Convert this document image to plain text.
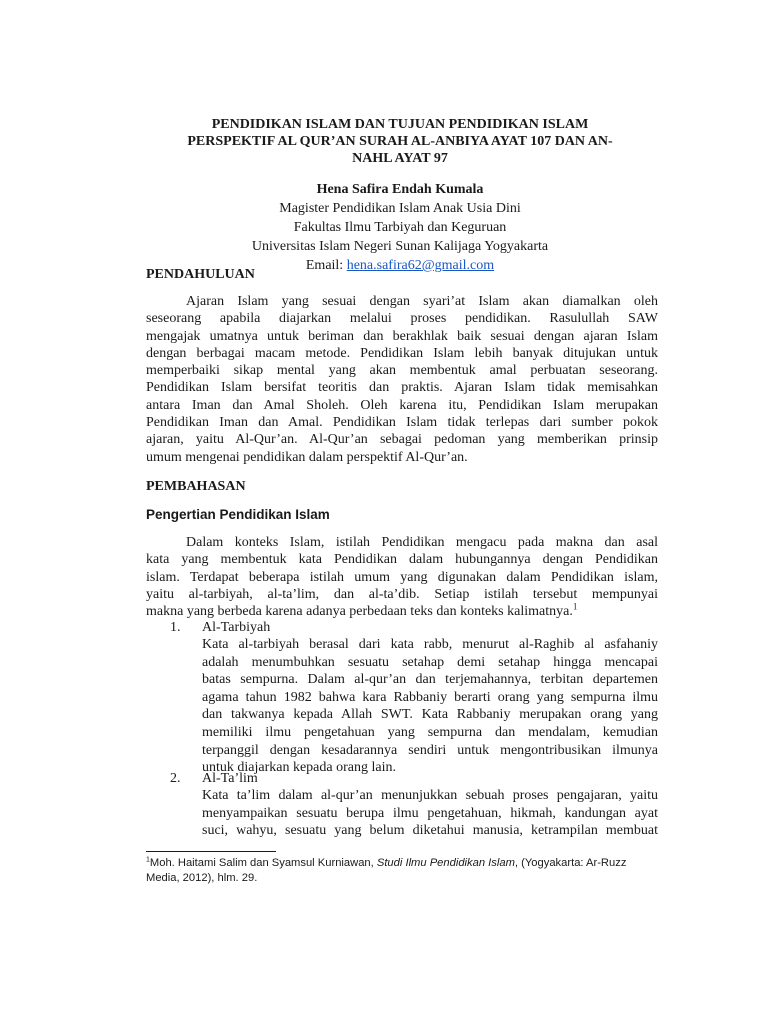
PENDIDIKAN ISLAM DAN TUJUAN PENDIDIKAN ISLAM
PERSPEKTIF AL QUR’AN SURAH AL-ANBIYA AYAT 107 DAN AN-
NAHL AYAT 97
Hena Safira Endah Kumala
Magister Pendidikan Islam Anak Usia Dini
Fakultas Ilmu Tarbiyah dan Keguruan
Universitas Islam Negeri Sunan Kalijaga Yogyakarta
Email: hena.safira62@gmail.com
PENDAHULUAN

Ajaran Islam yang sesuai dengan syari’at Islam akan diamalkan oleh
seseorang apabila diajarkan melalui proses pendidikan. Rasulullah SAW
mengajak umatnya untuk beriman dan berakhlak baik sesuai dengan ajaran Islam
dengan berbagai macam metode. Pendidikan Islam lebih banyak ditujukan untuk
memperbaiki sikap mental yang akan membentuk amal perbuatan seseorang.
Pendidikan Islam bersifat teoritis dan praktis. Ajaran Islam tidak memisahkan
antara Iman dan Amal Sholeh. Oleh karena itu, Pendidikan Islam merupakan
Pendidikan Iman dan Amal. Pendidikan Islam tidak terlepas dari sumber pokok
ajaran, yaitu Al-Qur’an. Al-Qur’an sebagai pedoman yang memberikan prinsip
umum mengenai pendidikan dalam perspektif Al-Qur’an.

PEMBAHASAN
Pengertian Pendidikan Islam

Dalam konteks Islam, istilah Pendidikan mengacu pada makna dan asal
kata yang membentuk kata Pendidikan dalam hubungannya dengan Pendidikan
islam. Terdapat beberapa istilah umum yang digunakan dalam Pendidikan islam,
yaitu al-tarbiyah, al-ta’lim, dan al-ta’dib. Setiap istilah tersebut mempunyai
makna yang berbeda karena adanya perbedaan teks dan konteks kalimatnya.$^1$

1. Al-Tarbiyah

Kata al-tarbiyah berasal dari kata rabb, menurut al-Raghib al asfahaniy
adalah menumbuhkan sesuatu setahap demi setahap hingga mencapai
batas sempurna. Dalam al-qur’an dan terjemahannya, terbitan departemen
agama tahun 1982 bahwa kara Rabbaniy berarti orang yang sempurna ilmu
dan takwanya kepada Allah SWT. Kata Rabbaniy merupakan orang yang
memiliki ilmu pengetahuan yang sempurna dan mendalam, kemudian
terpanggil dengan kesadarannya sendiri untuk mengontribusikan ilmunya
untuk diajarkan kepada orang lain.

2. Al-Ta’lim

Kata ta’lim dalam al-qur’an menunjukkan sebuah proses pengajaran, yaitu
menyampaikan sesuatu berupa ilmu pengetahuan, hikmah, kandungan ayat
suci, wahyu, sesuatu yang belum diketahui manusia, ketrampilan membuat

$^1$Moh. Haitami Salim dan Syamsul Kurniawan, Studi Ilmu Pendidikan Islam, (Yogyakarta: Ar-Ruzz
Media, 2012), hlm. 29.
